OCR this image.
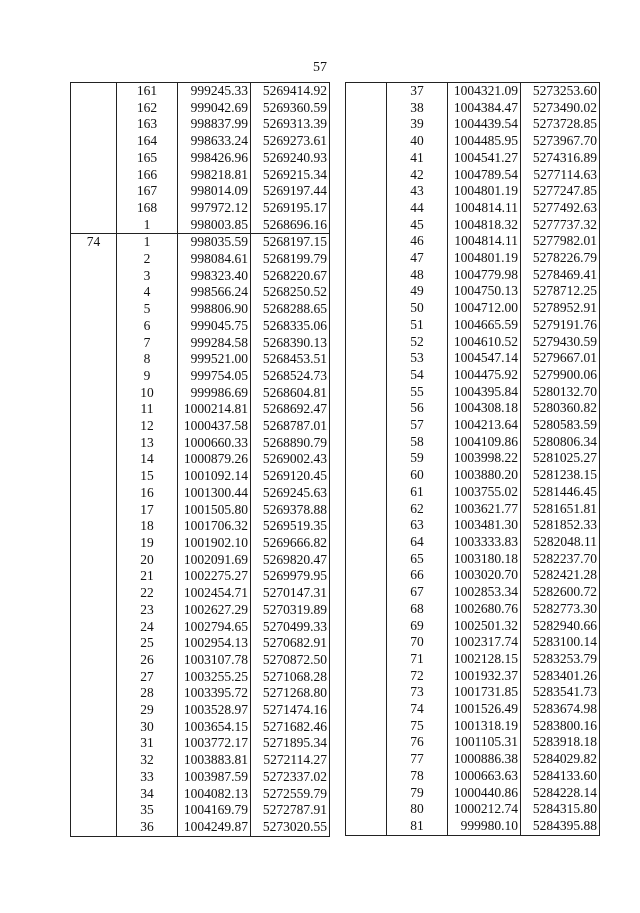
57
	161	999245.33	5269414.92
	162	999042.69	5269360.59
	163	998837.99	5269313.39
	164	998633.24	5269273.61
	165	998426.96	5269240.93
	166	998218.81	5269215.34
	167	998014.09	5269197.44
	168	997972.12	5269195.17
	1	998003.85	5268696.16
74	1	998035.59	5268197.15
	2	998084.61	5268199.79
	3	998323.40	5268220.67
	4	998566.24	5268250.52
	5	998806.90	5268288.65
	6	999045.75	5268335.06
	7	999284.58	5268390.13
	8	999521.00	5268453.51
	9	999754.05	5268524.73
	10	999986.69	5268604.81
	11	1000214.81	5268692.47
	12	1000437.58	5268787.01
	13	1000660.33	5268890.79
	14	1000879.26	5269002.43
	15	1001092.14	5269120.45
	16	1001300.44	5269245.63
	17	1001505.80	5269378.88
	18	1001706.32	5269519.35
	19	1001902.10	5269666.82
	20	1002091.69	5269820.47
	21	1002275.27	5269979.95
	22	1002454.71	5270147.31
	23	1002627.29	5270319.89
	24	1002794.65	5270499.33
	25	1002954.13	5270682.91
	26	1003107.78	5270872.50
	27	1003255.25	5271068.28
	28	1003395.72	5271268.80
	29	1003528.97	5271474.16
	30	1003654.15	5271682.46
	31	1003772.17	5271895.34
	32	1003883.81	5272114.27
	33	1003987.59	5272337.02
	34	1004082.13	5272559.79
	35	1004169.79	5272787.91
	36	1004249.87	5273020.55
	37	1004321.09	5273253.60
	38	1004384.47	5273490.02
	39	1004439.54	5273728.85
	40	1004485.95	5273967.70
	41	1004541.27	5274316.89
	42	1004789.54	5277114.63
	43	1004801.19	5277247.85
	44	1004814.11	5277492.63
	45	1004818.32	5277737.32
	46	1004814.11	5277982.01
	47	1004801.19	5278226.79
	48	1004779.98	5278469.41
	49	1004750.13	5278712.25
	50	1004712.00	5278952.91
	51	1004665.59	5279191.76
	52	1004610.52	5279430.59
	53	1004547.14	5279667.01
	54	1004475.92	5279900.06
	55	1004395.84	5280132.70
	56	1004308.18	5280360.82
	57	1004213.64	5280583.59
	58	1004109.86	5280806.34
	59	1003998.22	5281025.27
	60	1003880.20	5281238.15
	61	1003755.02	5281446.45
	62	1003621.77	5281651.81
	63	1003481.30	5281852.33
	64	1003333.83	5282048.11
	65	1003180.18	5282237.70
	66	1003020.70	5282421.28
	67	1002853.34	5282600.72
	68	1002680.76	5282773.30
	69	1002501.32	5282940.66
	70	1002317.74	5283100.14
	71	1002128.15	5283253.79
	72	1001932.37	5283401.26
	73	1001731.85	5283541.73
	74	1001526.49	5283674.98
	75	1001318.19	5283800.16
	76	1001105.31	5283918.18
	77	1000886.38	5284029.82
	78	1000663.63	5284133.60
	79	1000440.86	5284228.14
	80	1000212.74	5284315.80
	81	999980.10	5284395.88
